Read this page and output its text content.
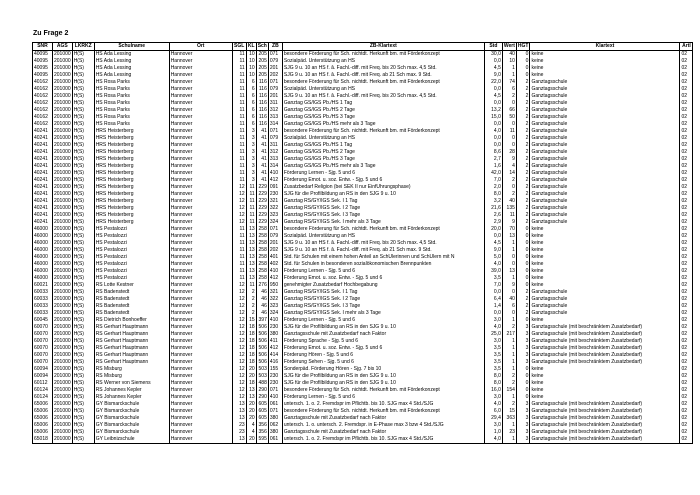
Zu Frage 2
SNR	AGS	LKRKZ	Schulname	Ort	SGL	KL	Sch	ZB	ZB-Klartext	Std	Wert	HGT	Klartext	Artl
40095	201000	H(S)	HS Ada Lessing	Hannover	11	10	205	071	besondere Förderung für Sch. nichtdt. Herkunft bm. mit Förderkonzept	30,0	40	0	keine	02
40095	201000	H(S)	HS Ada Lessing	Hannover	11	10	205	079	Sozialpäd. Unterstützung an HS	0,0	10	0	keine	02
40095	201000	H(S)	HS Ada Lessing	Hannover	11	10	205	201	SJG 9 u. 10 an HS f. â. Fachl.-diff. mit Freq. bis 20 Sch max. 4,5 Std.	4,5	1	0	keine	02
40095	201000	H(S)	HS Ada Lessing	Hannover	11	10	205	202	SJG 9 u. 10 an HS f. â. Fachl.-diff. mit Freq. ab 21 Sch max. 9 Std.	9,0	1	0	keine	02
40162	201000	H(S)	HS Rosa Parks	Hannover	11	6	116	071	besondere Förderung für Sch. nichtdt. Herkunft bm. mit Förderkonzept	22,0	74	2	Ganztagsschule	02
40162	201000	H(S)	HS Rosa Parks	Hannover	11	6	116	079	Sozialpäd. Unterstützung an HS	0,0	6	2	Ganztagsschule	02
40162	201000	H(S)	HS Rosa Parks	Hannover	11	6	116	201	SJG 9 u. 10 an HS f. â. Fachl.-diff. mit Freq. bis 20 Sch max. 4,5 Std.	4,5	2	2	Ganztagsschule	02
40162	201000	H(S)	HS Rosa Parks	Hannover	11	6	116	311	Ganztag GS/IGS Pb./HS 1 Tag	0,0	0	2	Ganztagsschule	02
40162	201000	H(S)	HS Rosa Parks	Hannover	11	6	116	312	Ganztag GS/IGS Pb./HS 2 Tage	13,2	66	2	Ganztagsschule	02
40162	201000	H(S)	HS Rosa Parks	Hannover	11	6	116	313	Ganztag GS/IGS Pb./HS 3 Tage	15,0	50	2	Ganztagsschule	02
40162	201000	H(S)	HS Rosa Parks	Hannover	11	6	116	314	Ganztag GS/IGS Pb./HS mehr als 3 Tage	0,0	0	2	Ganztagsschule	02
40241	201000	H(S)	HRS Heisterberg	Hannover	11	3	41	071	besondere Förderung für Sch. nichtdt. Herkunft bm. mit Förderkonzept	4,0	11	2	Ganztagsschule	02
40241	201000	H(S)	HRS Heisterberg	Hannover	11	3	41	079	Sozialpäd. Unterstützung an HS	0,0	0	2	Ganztagsschule	02
40241	201000	H(S)	HRS Heisterberg	Hannover	11	3	41	311	Ganztag GS/IGS Pb./HS 1 Tag	0,0	0	2	Ganztagsschule	02
40241	201000	H(S)	HRS Heisterberg	Hannover	11	3	41	312	Ganztag GS/IGS Pb./HS 2 Tage	8,6	28	2	Ganztagsschule	02
40241	201000	H(S)	HRS Heisterberg	Hannover	11	3	41	313	Ganztag GS/IGS Pb./HS 3 Tage	2,7	9	2	Ganztagsschule	02
40241	201000	H(S)	HRS Heisterberg	Hannover	11	3	41	314	Ganztag GS/IGS Pb./HS mehr als 3 Tage	1,6	4	2	Ganztagsschule	02
40241	201000	H(S)	HRS Heisterberg	Hannover	11	3	41	410	Förderung Lernen - Sjg. 5 und 6	42,0	14	2	Ganztagsschule	02
40241	201000	H(S)	HRS Heisterberg	Hannover	11	3	41	412	Förderung Emot. u. soz. Entw. - Sjg. 5 und 6	7,0	2	2	Ganztagsschule	02
40241	201000	H(S)	HRS Heisterberg	Hannover	12	11	229	091	Zusatzbedarf Religion (bei SEK II nur EinfÜhrungsphase)	2,0	0	2	Ganztagsschule	02
40241	201000	H(S)	HRS Heisterberg	Hannover	12	11	229	230	SJG für die Profilbildung an RS in den SJG 9 u. 10	8,0	2	2	Ganztagsschule	02
40241	201000	H(S)	HRS Heisterberg	Hannover	12	11	229	321	Ganztag RS/GY/IGS Sek. I 1 Tag	3,2	40	2	Ganztagsschule	02
40241	201000	H(S)	HRS Heisterberg	Hannover	12	11	229	322	Ganztag RS/GY/IGS Sek. I 2 Tage	21,6	135	2	Ganztagsschule	02
40241	201000	H(S)	HRS Heisterberg	Hannover	12	11	229	323	Ganztag RS/GY/IGS Sek. I 3 Tage	2,6	11	2	Ganztagsschule	02
40241	201000	H(S)	HRS Heisterberg	Hannover	12	11	229	324	Ganztag RS/GY/IGS Sek. I mehr als 3 Tage	2,9	9	2	Ganztagsschule	02
46000	201000	H(S)	HS Pestalozzi	Hannover	11	13	258	071	besondere Förderung für Sch. nichtdt. Herkunft bm. mit Förderkonzept	20,0	70	0	keine	02
46000	201000	H(S)	HS Pestalozzi	Hannover	11	13	258	079	Sozialpäd. Unterstützung an HS	0,0	13	0	keine	02
46000	201000	H(S)	HS Pestalozzi	Hannover	11	13	258	201	SJG 9 u. 10 an HS f. â. Fachl.-diff. mit Freq. bis 20 Sch max. 4,5 Std.	4,5	1	0	keine	02
46000	201000	H(S)	HS Pestalozzi	Hannover	11	13	258	202	SJG 9 u. 10 an HS f. â. Fachl.-diff. mit Freq. ab 21 Sch max. 9 Std.	9,0	1	0	keine	02
46000	201000	H(S)	HS Pestalozzi	Hannover	11	13	258	401	Std. für Schulen mit einem hohen Anteil an SchÜlerinnen und SchÜlern mit N	5,0	0	0	keine	02
46000	201000	H(S)	HS Pestalozzi	Hannover	11	13	258	402	Std. für Schulen in besonderen sozialökonomischen Brennpunkten	4,0	0	0	keine	02
46000	201000	H(S)	HS Pestalozzi	Hannover	11	13	258	410	Förderung Lernen - Sjg. 5 und 6	39,0	13	0	keine	02
46000	201000	H(S)	HS Pestalozzi	Hannover	11	13	258	412	Förderung Emot. u. soz. Entw. - Sjg. 5 und 6	3,5	1	0	keine	02
60021	201000	H(S)	RS Lotte Kestner	Hannover	12	11	276	950	genehmigter Zusatzbedarf Hochbegabung	7,0	9	0	keine	02
60033	201000	H(S)	RS Badenstedt	Hannover	12	2	46	321	Ganztag RS/GY/IGS Sek. I 1 Tag	0,0	0	2	Ganztagsschule	02
60033	201000	H(S)	RS Badenstedt	Hannover	12	2	46	322	Ganztag RS/GY/IGS Sek. I 2 Tage	6,4	40	2	Ganztagsschule	02
60033	201000	H(S)	RS Badenstedt	Hannover	12	2	46	323	Ganztag RS/GY/IGS Sek. I 3 Tage	1,4	6	2	Ganztagsschule	02
60033	201000	H(S)	RS Badenstedt	Hannover	12	2	46	324	Ganztag RS/GY/IGS Sek. I mehr als 3 Tage	0,0	0	2	Ganztagsschule	02
60045	201000	H(S)	RS Dietrich Bonhoeffer	Hannover	12	15	397	410	Förderung Lernen - Sjg. 5 und 6	3,0	1	0	keine	02
60070	201000	H(S)	RS Gerhart Hauptmann	Hannover	12	18	506	230	SJG für die Profilbildung an RS in den SJG 9 u. 10	4,0	2	3	Ganztagsschule (mit beschränktem Zusatzbedarf)	02
60070	201000	H(S)	RS Gerhart Hauptmann	Hannover	12	18	506	380	Ganztagsschule mit Zusatzbedarf nach Faktor	25,0	217	3	Ganztagsschule (mit beschränktem Zusatzbedarf)	02
60070	201000	H(S)	RS Gerhart Hauptmann	Hannover	12	18	506	411	Förderung Sprache - Sjg. 5 und 6	3,0	1	3	Ganztagsschule (mit beschränktem Zusatzbedarf)	02
60070	201000	H(S)	RS Gerhart Hauptmann	Hannover	12	18	506	412	Förderung Emot. u. soz. Entw. - Sjg. 5 und 6	3,5	1	3	Ganztagsschule (mit beschränktem Zusatzbedarf)	02
60070	201000	H(S)	RS Gerhart Hauptmann	Hannover	12	18	506	414	Förderung Hören - Sjg. 5 und 6	3,5	1	3	Ganztagsschule (mit beschränktem Zusatzbedarf)	02
60070	201000	H(S)	RS Gerhart Hauptmann	Hannover	12	18	506	416	Förderung Sehen - Sjg. 5 und 6	3,5	1	3	Ganztagsschule (mit beschränktem Zusatzbedarf)	02
60094	201000	H(S)	RS Misburg	Hannover	12	20	503	155	Sonderpäd. Förderung Hören - Sjg. 7 bis 10	3,5	1	0	keine	02
60094	201000	H(S)	RS Misburg	Hannover	12	20	503	230	SJG für die Profilbildung an RS in den SJG 9 u. 10	8,0	2	0	keine	02
60112	201000	H(S)	RS Werner von Siemens	Hannover	12	18	488	230	SJG für die Profilbildung an RS in den SJG 9 u. 10	8,0	2	0	keine	02
60124	201000	H(S)	RS Johannes Kepler	Hannover	12	13	290	071	besondere Förderung für Sch. nichtdt. Herkunft bm. mit Förderkonzept	16,0	154	0	keine	02
60124	201000	H(S)	RS Johannes Kepler	Hannover	12	13	290	410	Förderung Lernen - Sjg. 5 und 6	3,0	1	0	keine	02
65006	201000	H(S)	GY Bismarckschule	Hannover	13	20	605	061	untersch. 1. o. 2. Fremdspr im Pflichtb. bis 10. SJG max 4 Std./SJG	4,0	2	3	Ganztagsschule (mit beschränktem Zusatzbedarf)	02
65006	201000	H(S)	GY Bismarckschule	Hannover	13	20	605	071	besondere Förderung für Sch. nichtdt. Herkunft bm. mit Förderkonzept	6,0	15	3	Ganztagsschule (mit beschränktem Zusatzbedarf)	02
65006	201000	H(S)	GY Bismarckschule	Hannover	13	20	605	380	Ganztagsschule mit Zusatzbedarf nach Faktor	29,4	363	3	Ganztagsschule (mit beschränktem Zusatzbedarf)	02
65006	201000	H(S)	GY Bismarckschule	Hannover	23	4	356	062	untersch. 1. o. untersch. 2. Fremdspr. in E-Phase max 3 bzw 4 Std./SJG	3,0	1	3	Ganztagsschule (mit beschränktem Zusatzbedarf)	02
65006	201000	H(S)	GY Bismarckschule	Hannover	23	4	356	380	Ganztagsschule mit Zusatzbedarf nach Faktor	1,0	23	3	Ganztagsschule (mit beschränktem Zusatzbedarf)	02
65018	201000	H(S)	GY Leibnizschule	Hannover	13	20	595	061	untersch. 1. o. 2. Fremdspr im Pflichtb. bis 10. SJG max 4 Std./SJG	4,0	1	3	Ganztagsschule (mit beschränktem Zusatzbedarf)	02
